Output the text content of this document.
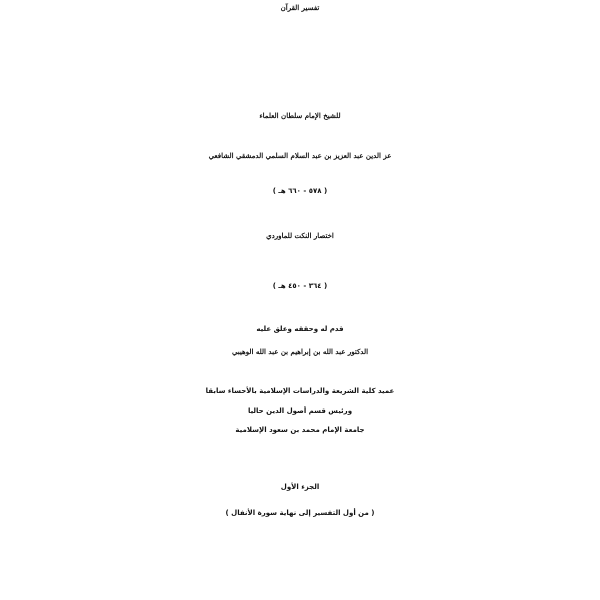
تفسير القرآن
للشيخ الإمام سلطان العلماء
عز الدين عبد العزيز بن عبد السلام السلمي الدمشقي الشافعي
( ٥٧٨ - ٦٦٠ هـ )
اختصار النكت للماوردي
( ٣٦٤ - ٤٥٠ هـ )
قدم له وحققه وعلق عليه
الدكتور عبد الله بن إبراهيم بن عبد الله الوهيبي
عميد كلية الشريعة والدراسات الإسلامية بالأحساء سابقا
ورئيس قسم أصول الدين حاليا
جامعة الإمام محمد بن سعود الإسلامية
الجزء الأول
( من أول التفسير إلى نهاية سورة الأنفال )
